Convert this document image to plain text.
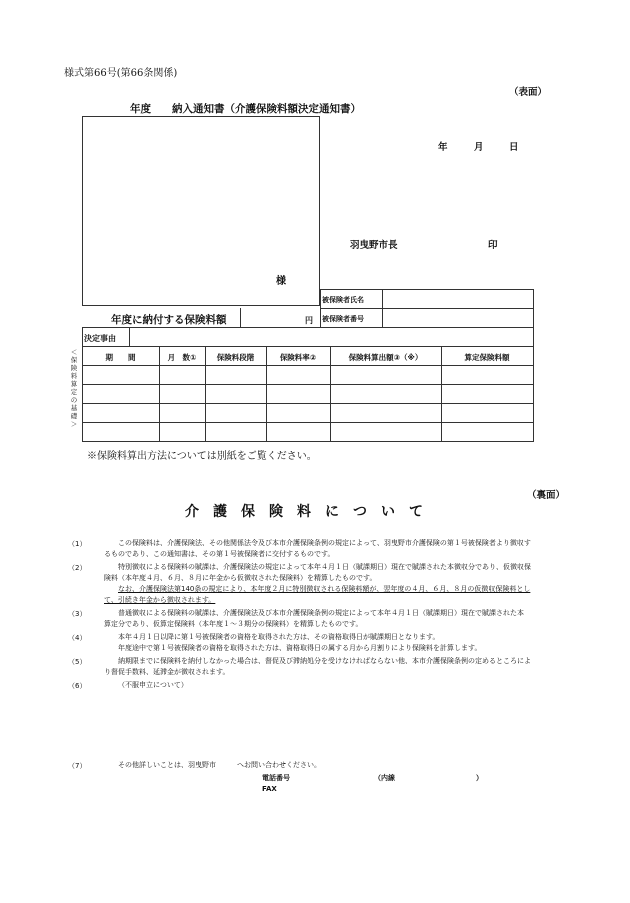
様式第66号(第66条関係)
（表面）
年度　　納入通知書（介護保険料額決定通知書）
年	月	日
羽曳野市長	印
様
被保険者氏名
被保険者番号
年度に納付する保険料額	円
決定事由
＜保険料算定の基礎＞
期　　間	月　数①	保険料段階	保険料率②	保険料算出額③（※）	算定保険料額
※保険料算出方法については別紙をご覧ください。
（裏面）
介　護　保　険　料　に　つ　い　て
（1）	この保険料は、介護保険法、その他関係法令及び本市介護保険条例の規定によって、羽曳野市介護保険の第１号被保険者より徴収す
るものであり、この通知書は、その第１号被保険者に交付するものです。
（2）	特別徴収による保険料の賦課は、介護保険法の規定によって本年４月１日（賦課期日）現在で賦課された本徴収分であり、仮徴収保
険料（本年度４月、６月、８月に年金から仮徴収された保険料）を精算したものです。
なお、介護保険法第140条の規定により、本年度２月に特別徴収される保険料額が、翌年度の４月、６月、８月の仮徴収保険料とし
て、引続き年金から徴収されます。
（3）	普通徴収による保険料の賦課は、介護保険法及び本市介護保険条例の規定によって本年４月１日（賦課期日）現在で賦課された本
算定分であり、仮算定保険料（本年度１～３期分の保険料）を精算したものです。
（4）	本年４月１日以降に第１号被保険者の資格を取得された方は、その資格取得日が賦課期日となります。
年度途中で第１号被保険者の資格を取得された方は、資格取得日の属する月から月割りにより保険料を計算します。
（5）	納期限までに保険料を納付しなかった場合は、督促及び滞納処分を受けなければならない他、本市介護保険条例の定めるところによ
り督促手数料、延滞金が徴収されます。
（6）	（不服申立について）
（7）	その他詳しいことは、羽曳野市　　　へお問い合わせください。
電話番号	（内線	）
FAX
